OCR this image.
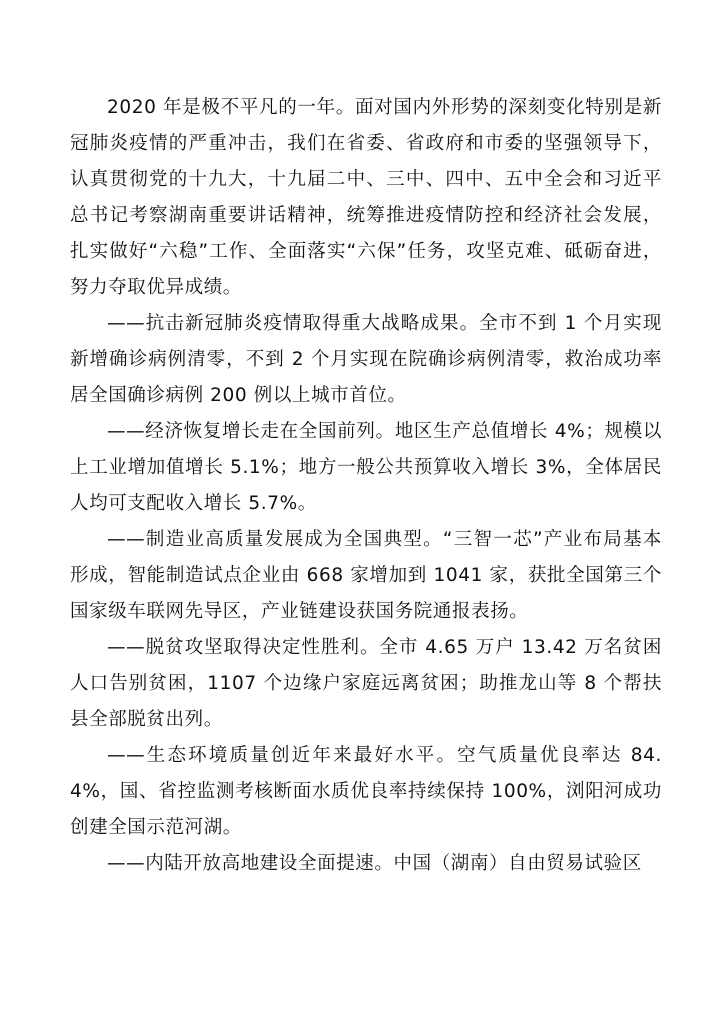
2020 年是极不平凡的一年。面对国内外形势的深刻变化特别是新冠肺炎疫情的严重冲击，我们在省委、省政府和市委的坚强领导下，认真贯彻党的十九大，十九届二中、三中、四中、五中全会和习近平总书记考察湖南重要讲话精神，统筹推进疫情防控和经济社会发展，扎实做好“六稳”工作、全面落实“六保”任务，攻坚克难、砥砺奋进，努力夺取优异成绩。

——抗击新冠肺炎疫情取得重大战略成果。全市不到 1 个月实现新增确诊病例清零，不到 2 个月实现在院确诊病例清零，救治成功率居全国确诊病例 200 例以上城市首位。

——经济恢复增长走在全国前列。地区生产总值增长 4%；规模以上工业增加值增长 5.1%；地方一般公共预算收入增长 3%，全体居民人均可支配收入增长 5.7%。

——制造业高质量发展成为全国典型。“三智一芯”产业布局基本形成，智能制造试点企业由 668 家增加到 1041 家，获批全国第三个国家级车联网先导区，产业链建设获国务院通报表扬。

——脱贫攻坚取得决定性胜利。全市 4.65 万户 13.42 万名贫困人口告别贫困，1107 个边缘户家庭远离贫困；助推龙山等 8 个帮扶县全部脱贫出列。

——生态环境质量创近年来最好水平。空气质量优良率达 84.4%，国、省控监测考核断面水质优良率持续保持 100%，浏阳河成功创建全国示范河湖。

——内陆开放高地建设全面提速。中国（湖南）自由贸易试验区
